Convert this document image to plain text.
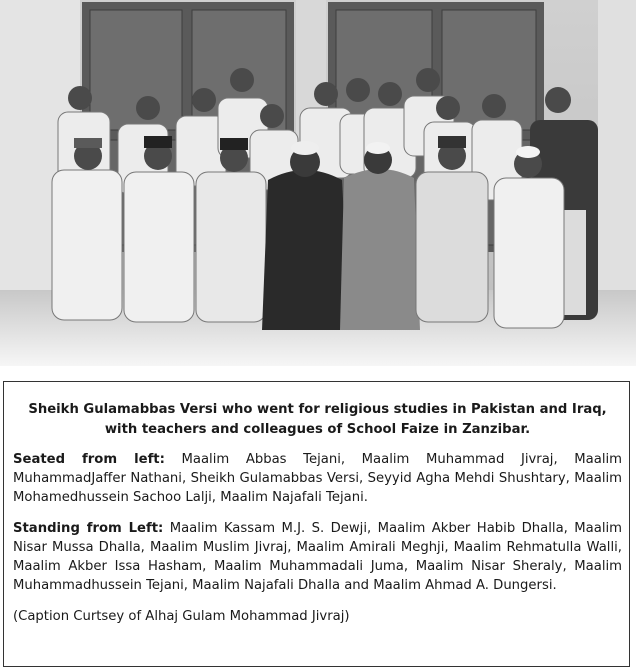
Sheikh Gulamabbas Versi who went for religious studies in Pakistan and Iraq, with teachers and colleagues of School Faize in Zanzibar.

Seated from left: Maalim Abbas Tejani, Maalim Muhammad Jivraj, Maalim MuhammadJaffer Nathani, Sheikh Gulamabbas Versi, Seyyid Agha Mehdi Shushtary, Maalim Mohamedhussein Sachoo Lalji, Maalim Najafali Tejani.

Standing from Left: Maalim Kassam M.J. S. Dewji, Maalim Akber Habib Dhalla, Maalim Nisar Mussa Dhalla, Maalim Muslim Jivraj, Maalim Amirali Meghji, Maalim Rehmatulla Walli, Maalim Akber Issa Hasham, Maalim Muhammadali Juma, Maalim Nisar Sheraly, Maalim Muhammadhussein Tejani, Maalim Najafali Dhalla and Maalim Ahmad A. Dungersi.

(Caption Curtsey of Alhaj Gulam Mohammad Jivraj)
